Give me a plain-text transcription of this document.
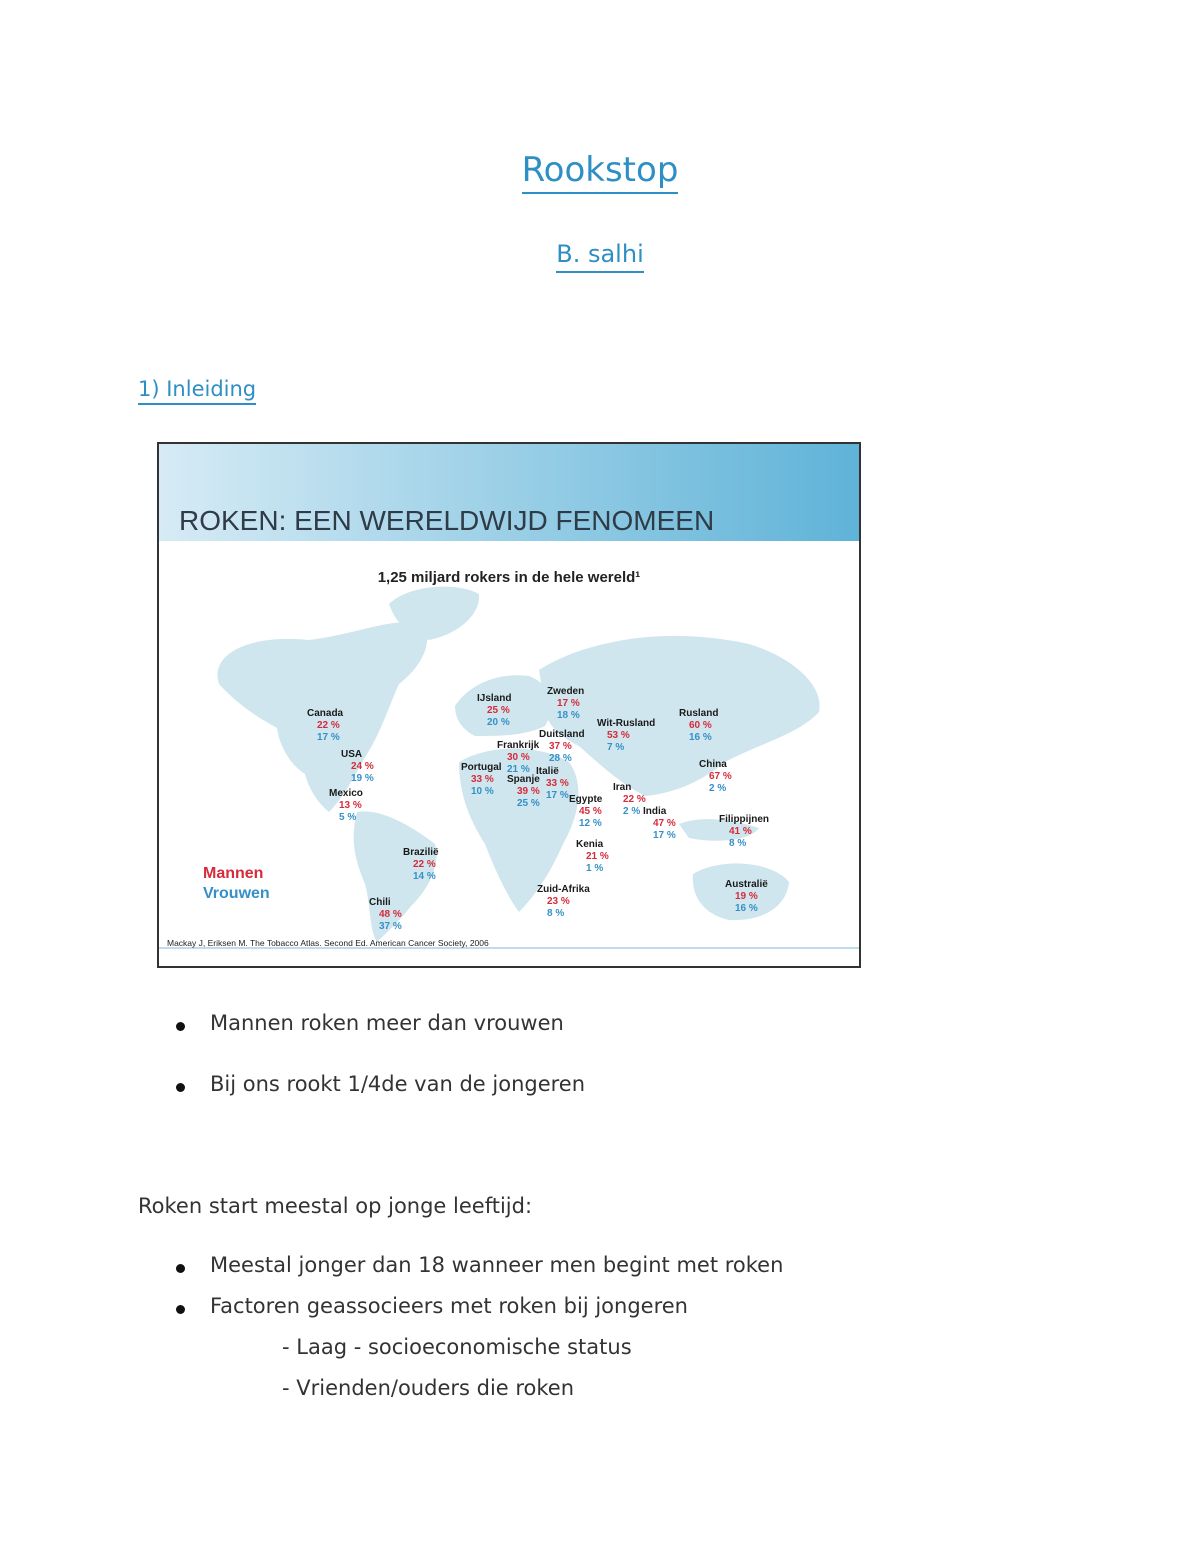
Rookstop
B. salhi
1) Inleiding
ROKEN: EEN WERELDWIJD FENOMEEN
1,25 miljard rokers in de hele wereld¹
Canada
22 %
17 %
USA
24 %
19 %
Mexico
13 %
5 %
Brazilië
22 %
14 %
Chili
48 %
37 %
IJsland
25 %
20 %
Zweden
17 %
18 %
Frankrijk
30 %
21 %
Duitsland
37 %
28 %
Wit-Rusland
53 %
7 %
Portugal
33 %
10 %
Spanje
39 %
25 %
Italië
33 %
17 % Egypte
45 %
12 %
Iran
22 %
2 % India
47 %
17 %
Kenia
21 %
1 %
Zuid-Afrika
23 %
8 %
Rusland
60 %
16 %
China
67 %
2 %
Filippijnen
41 %
8 %
Australië
19 %
16 %
Mannen
Vrouwen
Mackay J, Eriksen M. The Tobacco Atlas. Second Ed. American Cancer Society, 2006
Mannen roken meer dan vrouwen
Bij ons rookt 1/4de van de jongeren
Roken start meestal op jonge leeftijd:
Meestal jonger dan 18 wanneer men begint met roken
Factoren geassocieers met roken bij jongeren
- Laag - socioeconomische status
- Vrienden/ouders die roken
